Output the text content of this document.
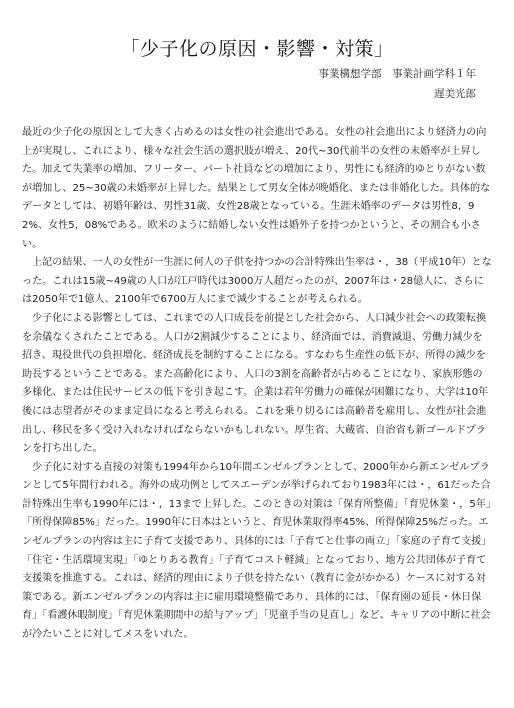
「少子化の原因・影響・対策」
事業構想学部　事業計画学科１年
遅美光郎

最近の少子化の原因として大きく占めるのは女性の社会進出である。女性の社会進出により経済力の向上が実現し、これにより、様々な社会生活の選択肢が増え、20代~30代前半の女性の未婚率が上昇した。加えて失業率の増加、フリーター、パート社員などの増加により、男性にも経済的ゆとりがない数が増加し、25~30歳の未婚率が上昇した。結果として男女全体が晩婚化、または非婚化した。具体的なデータとしては、初婚年齢は、男性31歳、女性28歳となっている。生涯未婚率のデータは男性8，92%、女性5，08%である。欧米のように結婚しない女性は婚外子を持つかというと、その割合も小さい。

上記の結果、一人の女性が一生涯に何人の子供を持つかの合計特殊出生率は・，38（平成10年）となった。これは15歳~49歳の人口が江戸時代は3000万人超だったのが、2007年は・28億人に、さらには2050年で1億人、2100年で6700万人にまで減少することが考えられる。

少子化による影響としては、これまでの人口成長を前提とした社会から、人口減少社会への政策転換を余儀なくされたことである。人口が2割減少することにより、経済面では、消費減退、労働力減少を招き、現役世代の負担増化、経済成長を制約することになる。すなわち生産性の低下が、所得の減少を助長するということである。また高齢化により、人口の3割を高齢者が占めることになり、家族形態の多様化、または住民サービスの低下を引き起こす。企業は若年労働力の確保が困難になり、大学は10年後には志望者がそのまま定員になると考えられる。これを乗り切るには高齢者を雇用し、女性が社会進出し、移民を多く受け入れなければならないかもしれない。厚生省、大蔵省、自治省も新ゴールドプランを打ち出した。

少子化に対する直接の対策も1994年から10年間エンゼルプランとして、2000年から新エンゼルプランとして5年間行われる。海外の成功例としてスエーデンが挙げられており1983年には・，61だった合計特殊出生率も1990年には・，13まで上昇した。このときの対策は「保育所整備」「育児休業・，5年」「所得保障85%」だった。1990年に日本はというと、育児休業取得率45%、所得保障25%だった。エンゼルプランの内容は主に子育て支援であり、具体的には「子育てと仕事の両立」「家庭の子育て支援」「住宅・生活環境実現」「ゆとりある教育」「子育てコスト軽減」となっており、地方公共団体が子育て支援策を推進する。これは、経済的理由により子供を持たない（教育に金がかかる）ケースに対する対策である。新エンゼルプランの内容は主に雇用環境整備であり、具体的には、「保育園の延長・休日保育」「看護休暇制度」「育児休業期間中の給与アップ」「児童手当の見直し」など、キャリアの中断に社会が冷たいことに対してメスをいれた。
